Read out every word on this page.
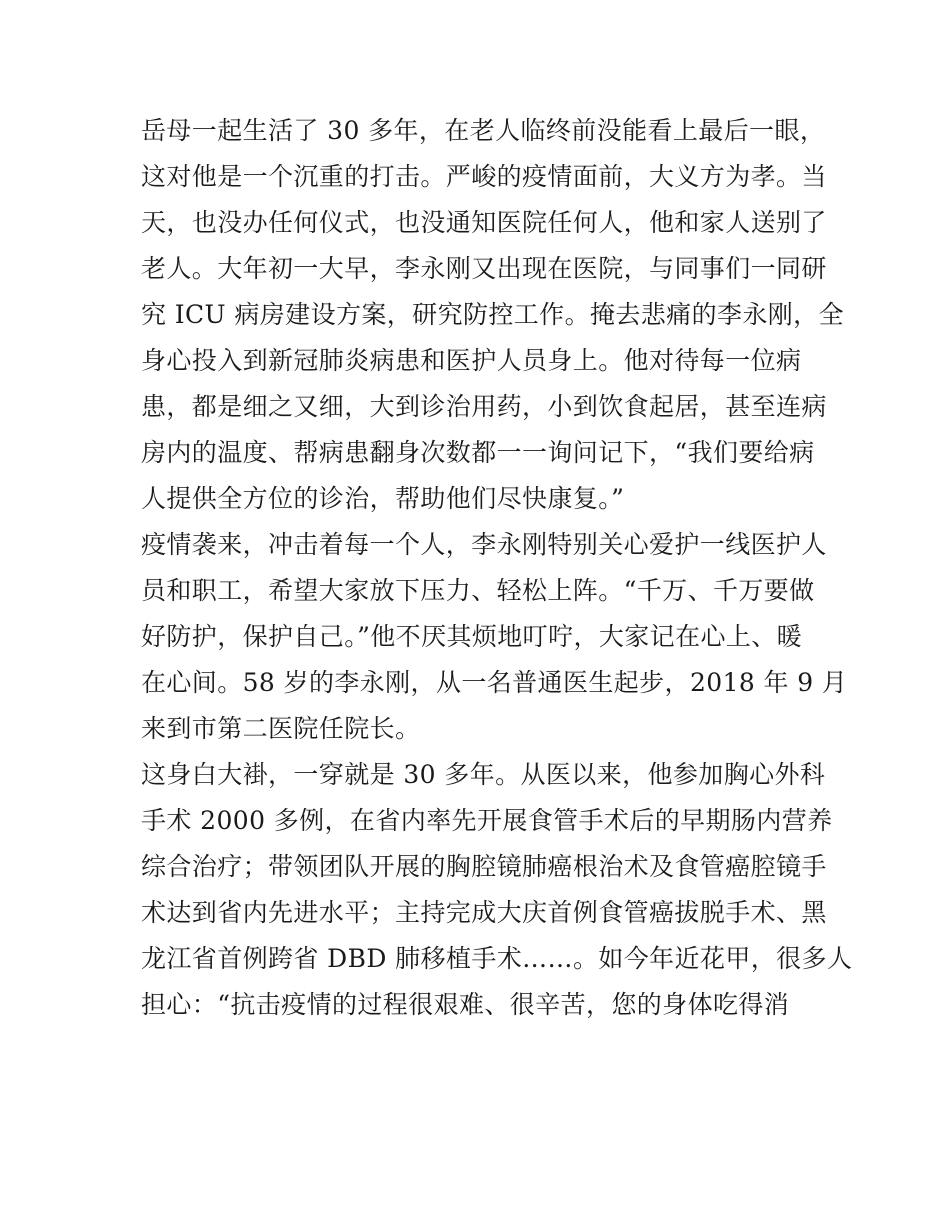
岳母一起生活了 30 多年，在老人临终前没能看上最后一眼，
这对他是一个沉重的打击。严峻的疫情面前，大义方为孝。当
天，也没办任何仪式，也没通知医院任何人，他和家人送别了
老人。大年初一大早，李永刚又出现在医院，与同事们一同研
究 ICU 病房建设方案，研究防控工作。掩去悲痛的李永刚，全
身心投入到新冠肺炎病患和医护人员身上。他对待每一位病
患，都是细之又细，大到诊治用药，小到饮食起居，甚至连病
房内的温度、帮病患翻身次数都一一询问记下，“我们要给病
人提供全方位的诊治，帮助他们尽快康复。”
疫情袭来，冲击着每一个人，李永刚特别关心爱护一线医护人
员和职工，希望大家放下压力、轻松上阵。“千万、千万要做
好防护，保护自己。”他不厌其烦地叮咛，大家记在心上、暖
在心间。58 岁的李永刚，从一名普通医生起步，2018 年 9 月
来到市第二医院任院长。
这身白大褂，一穿就是 30 多年。从医以来，他参加胸心外科
手术 2000 多例，在省内率先开展食管手术后的早期肠内营养
综合治疗；带领团队开展的胸腔镜肺癌根治术及食管癌腔镜手
术达到省内先进水平；主持完成大庆首例食管癌拔脱手术、黑
龙江省首例跨省 DBD 肺移植手术……。如今年近花甲，很多人
担心：“抗击疫情的过程很艰难、很辛苦，您的身体吃得消
